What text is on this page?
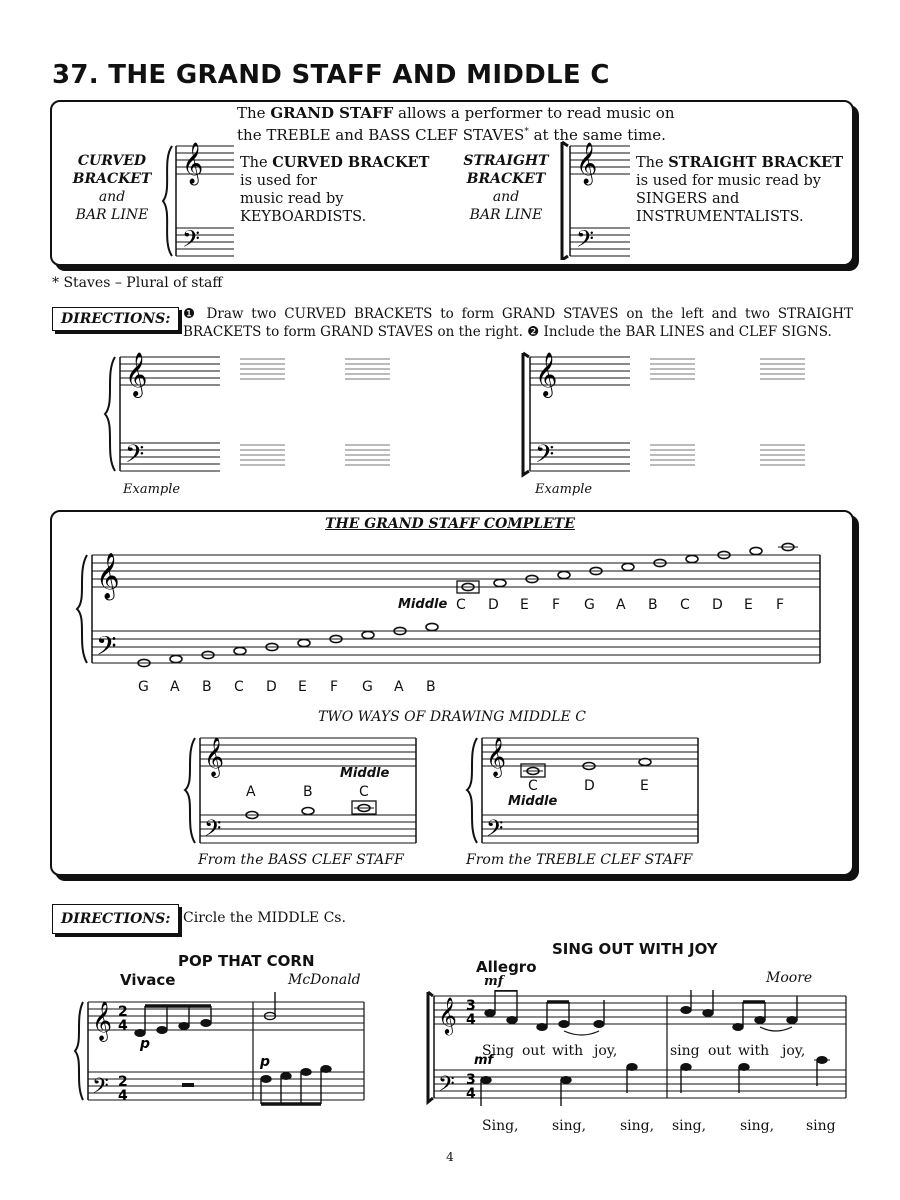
37. THE GRAND STAFF AND MIDDLE C
The GRAND STAFF allows a performer to read music on
the TREBLE and BASS CLEF STAVES* at the same time.
CURVED
BRACKET
and
BAR LINE
𝄞
𝄢
The CURVED BRACKET
is used for
music read by
KEYBOARDISTS.
STRAIGHT
BRACKET
and
BAR LINE
𝄞
𝄢
The STRAIGHT BRACKET
is used for music read by
SINGERS and
INSTRUMENTALISTS.
* Staves – Plural of staff
DIRECTIONS: ❶ Draw two CURVED BRACKETS to form GRAND STAVES on the left and two STRAIGHT
BRACKETS to form GRAND STAVES on the right. ❷ Include the BAR LINES and CLEF SIGNS.
𝄞
𝄢
𝄞
𝄢
Example	Example
THE GRAND STAFF COMPLETE
𝄞
𝄢
Middle C D E F G A B C D E F
G A B C D E F G A B
TWO WAYS OF DRAWING MIDDLE C
𝄞
𝄢
Middle
A	B	C
𝄞
𝄢
C	D	E
Middle
From the BASS CLEF STAFF	From the TREBLE CLEF STAFF
DIRECTIONS: Circle the MIDDLE Cs.
POP THAT CORN
Vivace	McDonald
𝄞
𝄢
2
4
2
4
p
p
SING OUT WITH JOY
Allegro
mf	Moore
𝄞
𝄢
3
4
3
4
mf
Sing out with joy,	sing out with joy,
Sing, sing, sing, sing, sing, sing
4
